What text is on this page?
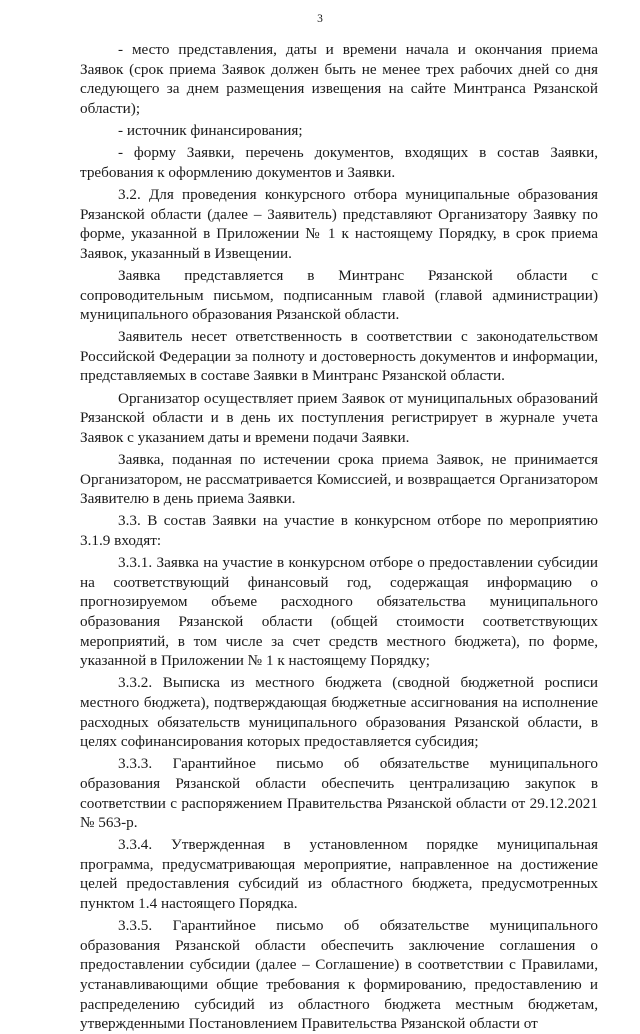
3

- место представления, даты и времени начала и окончания приема Заявок (срок приема Заявок должен быть не менее трех рабочих дней со дня следующего за днем размещения извещения на сайте Минтранса Рязанской области);

- источник финансирования;

- форму Заявки, перечень документов, входящих в состав Заявки, требования к оформлению документов и Заявки.

3.2. Для проведения конкурсного отбора муниципальные образования Рязанской области (далее – Заявитель) представляют Организатору Заявку по форме, указанной в Приложении № 1 к настоящему Порядку, в срок приема Заявок, указанный в Извещении.

Заявка представляется в Минтранс Рязанской области с сопроводительным письмом, подписанным главой (главой администрации) муниципального образования Рязанской области.

Заявитель несет ответственность в соответствии с законодательством Российской Федерации за полноту и достоверность документов и информации, представляемых в составе Заявки в Минтранс Рязанской области.

Организатор осуществляет прием Заявок от муниципальных образований Рязанской области и в день их поступления регистрирует в журнале учета Заявок с указанием даты и времени подачи Заявки.

Заявка, поданная по истечении срока приема Заявок, не принимается Организатором, не рассматривается Комиссией, и возвращается Организатором Заявителю в день приема Заявки.

3.3. В состав Заявки на участие в конкурсном отборе по мероприятию 3.1.9 входят:

3.3.1. Заявка на участие в конкурсном отборе о предоставлении субсидии на соответствующий финансовый год, содержащая информацию о прогнозируемом объеме расходного обязательства муниципального образования Рязанской области (общей стоимости соответствующих мероприятий, в том числе за счет средств местного бюджета), по форме, указанной в Приложении № 1 к настоящему Порядку;

3.3.2. Выписка из местного бюджета (сводной бюджетной росписи местного бюджета), подтверждающая бюджетные ассигнования на исполнение расходных обязательств муниципального образования Рязанской области, в целях софинансирования которых предоставляется субсидия;

3.3.3. Гарантийное письмо об обязательстве муниципального образования Рязанской области обеспечить централизацию закупок в соответствии с распоряжением Правительства Рязанской области от 29.12.2021 № 563-р.

3.3.4. Утвержденная в установленном порядке муниципальная программа, предусматривающая мероприятие, направленное на достижение целей предоставления субсидий из областного бюджета, предусмотренных пунктом 1.4 настоящего Порядка.

3.3.5. Гарантийное письмо об обязательстве муниципального образования Рязанской области обеспечить заключение соглашения о предоставлении субсидии (далее – Соглашение) в соответствии с Правилами, устанавливающими общие требования к формированию, предоставлению и распределению субсидий из областного бюджета местным бюджетам, утвержденными Постановлением Правительства Рязанской области от
